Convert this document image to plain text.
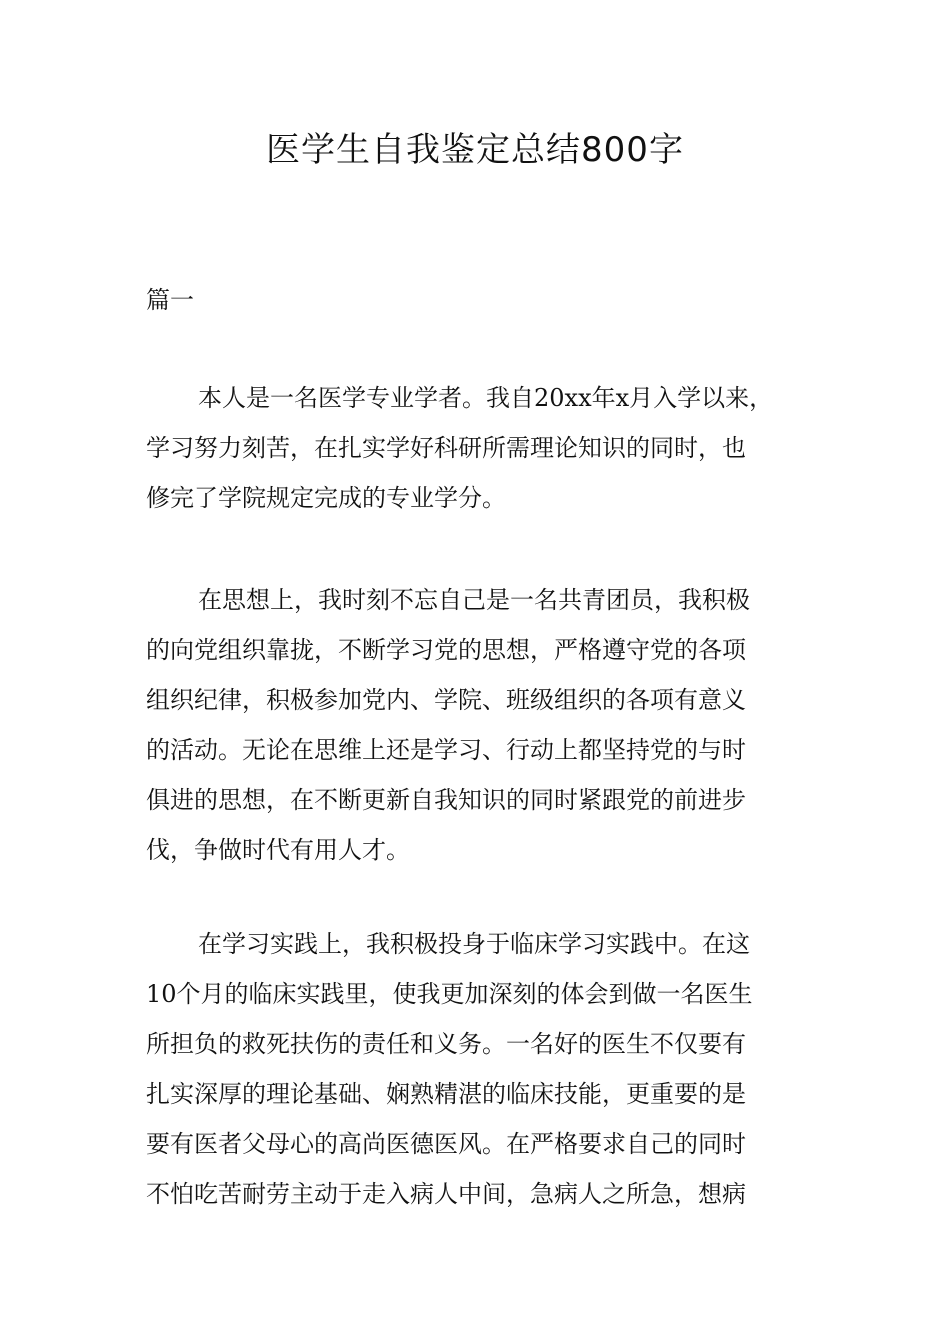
医学生自我鉴定总结800字
篇一
本人是一名医学专业学者。我自20xx年x月入学以来，
学习努力刻苦，在扎实学好科研所需理论知识的同时，也
修完了学院规定完成的专业学分。
在思想上，我时刻不忘自己是一名共青团员，我积极
的向党组织靠拢，不断学习党的思想，严格遵守党的各项
组织纪律，积极参加党内、学院、班级组织的各项有意义
的活动。无论在思维上还是学习、行动上都坚持党的与时
俱进的思想，在不断更新自我知识的同时紧跟党的前进步
伐，争做时代有用人才。
在学习实践上，我积极投身于临床学习实践中。在这
10个月的临床实践里，使我更加深刻的体会到做一名医生
所担负的救死扶伤的责任和义务。一名好的医生不仅要有
扎实深厚的理论基础、娴熟精湛的临床技能，更重要的是
要有医者父母心的高尚医德医风。在严格要求自己的同时
不怕吃苦耐劳主动于走入病人中间，急病人之所急，想病
